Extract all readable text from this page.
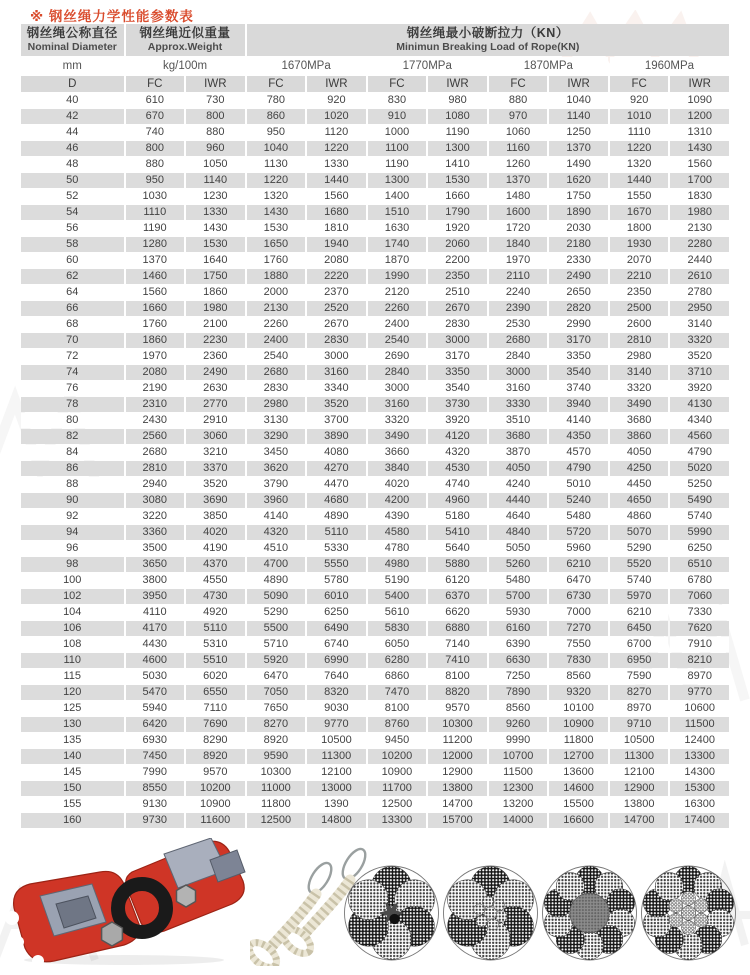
※ 钢丝绳力学性能参数表
钢丝绳公称直径
Nominal Diameter

钢丝绳近似重量
Approx.Weight

钢丝绳最小破断拉力（KN）
Minimun Breaking Load of Rope(KN)

mm	kg/100m		1670MPa		1770MPa		1870MPa		1960MPa	
D	FC	IWR	FC	IWR	FC	IWR	FC	IWR	FC	IWR
40	610	730	780	920	830	980	880	1040	920	1090
42	670	800	860	1020	910	1080	970	1140	1010	1200
44	740	880	950	1120	1000	1190	1060	1250	1110	1310
46	800	960	1040	1220	1100	1300	1160	1370	1220	1430
48	880	1050	1130	1330	1190	1410	1260	1490	1320	1560
50	950	1140	1220	1440	1300	1530	1370	1620	1440	1700
52	1030	1230	1320	1560	1400	1660	1480	1750	1550	1830
54	1110	1330	1430	1680	1510	1790	1600	1890	1670	1980
56	1190	1430	1530	1810	1630	1920	1720	2030	1800	2130
58	1280	1530	1650	1940	1740	2060	1840	2180	1930	2280
60	1370	1640	1760	2080	1870	2200	1970	2330	2070	2440
62	1460	1750	1880	2220	1990	2350	2110	2490	2210	2610
64	1560	1860	2000	2370	2120	2510	2240	2650	2350	2780
66	1660	1980	2130	2520	2260	2670	2390	2820	2500	2950
68	1760	2100	2260	2670	2400	2830	2530	2990	2600	3140
70	1860	2230	2400	2830	2540	3000	2680	3170	2810	3320
72	1970	2360	2540	3000	2690	3170	2840	3350	2980	3520
74	2080	2490	2680	3160	2840	3350	3000	3540	3140	3710
76	2190	2630	2830	3340	3000	3540	3160	3740	3320	3920
78	2310	2770	2980	3520	3160	3730	3330	3940	3490	4130
80	2430	2910	3130	3700	3320	3920	3510	4140	3680	4340
82	2560	3060	3290	3890	3490	4120	3680	4350	3860	4560
84	2680	3210	3450	4080	3660	4320	3870	4570	4050	4790
86	2810	3370	3620	4270	3840	4530	4050	4790	4250	5020
88	2940	3520	3790	4470	4020	4740	4240	5010	4450	5250
90	3080	3690	3960	4680	4200	4960	4440	5240	4650	5490
92	3220	3850	4140	4890	4390	5180	4640	5480	4860	5740
94	3360	4020	4320	5110	4580	5410	4840	5720	5070	5990
96	3500	4190	4510	5330	4780	5640	5050	5960	5290	6250
98	3650	4370	4700	5550	4980	5880	5260	6210	5520	6510
100	3800	4550	4890	5780	5190	6120	5480	6470	5740	6780
102	3950	4730	5090	6010	5400	6370	5700	6730	5970	7060
104	4110	4920	5290	6250	5610	6620	5930	7000	6210	7330
106	4170	5110	5500	6490	5830	6880	6160	7270	6450	7620
108	4430	5310	5710	6740	6050	7140	6390	7550	6700	7910
110	4600	5510	5920	6990	6280	7410	6630	7830	6950	8210
115	5030	6020	6470	7640	6860	8100	7250	8560	7590	8970
120	5470	6550	7050	8320	7470	8820	7890	9320	8270	9770
125	5940	7110	7650	9030	8100	9570	8560	10100	8970	10600
130	6420	7690	8270	9770	8760	10300	9260	10900	9710	11500
135	6930	8290	8920	10500	9450	11200	9990	11800	10500	12400
140	7450	8920	9590	11300	10200	12000	10700	12700	11300	13300
145	7990	9570	10300	12100	10900	12900	11500	13600	12100	14300
150	8550	10200	11000	13000	11700	13800	12300	14600	12900	15300
155	9130	10900	11800	1390	12500	14700	13200	15500	13800	16300
160	9730	11600	12500	14800	13300	15700	14000	16600	14700	17400
